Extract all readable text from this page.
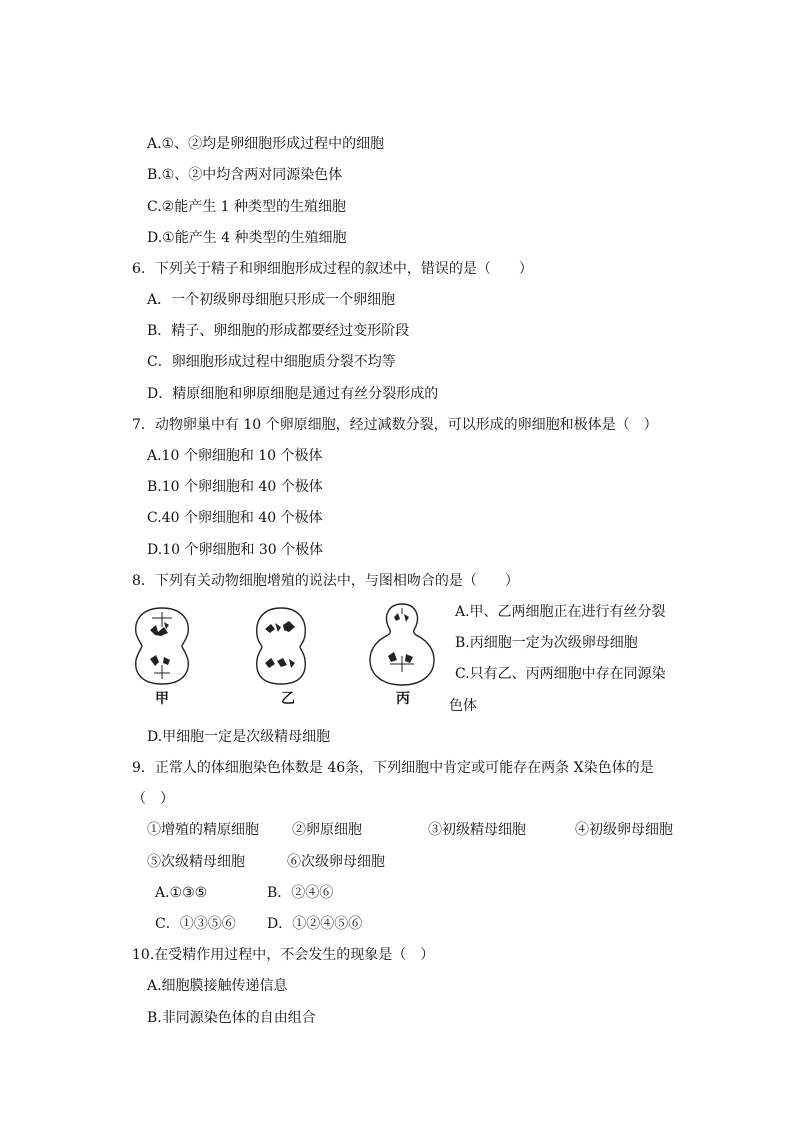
A.①、②均是卵细胞形成过程中的细胞
B.①、②中均含两对同源染色体
C.②能产生 1 种类型的生殖细胞
D.①能产生 4 种类型的生殖细胞
6．下列关于精子和卵细胞形成过程的叙述中，错误的是（　　）
A．一个初级卵母细胞只形成一个卵细胞
B．精子、卵细胞的形成都要经过变形阶段
C．卵细胞形成过程中细胞质分裂不均等
D．精原细胞和卵原细胞是通过有丝分裂形成的
7．动物卵巢中有 10 个卵原细胞，经过减数分裂，可以形成的卵细胞和极体是（　）
A.10 个卵细胞和 10 个极体
B.10 个卵细胞和 40 个极体
C.40 个卵细胞和 40 个极体
D.10 个卵细胞和 30 个极体
8．下列有关动物细胞增殖的说法中，与图相吻合的是（　　）
甲	乙	丙
A.甲、乙两细胞正在进行有丝分裂
B.丙细胞一定为次级卵母细胞
C.只有乙、丙两细胞中存在同源染
色体
D.甲细胞一定是次级精母细胞
9．正常人的体细胞染色体数是 46条，下列细胞中肯定或可能存在两条 X染色体的是
（　）
①增殖的精原细胞 ②卵原细胞	③初级精母细胞	④初级卵母细胞
⑤次级精母细胞	⑥次级卵母细胞
A.①③⑤	B．②④⑥
C．①③⑤⑥ D．①②④⑤⑥
10.在受精作用过程中，不会发生的现象是（　）
A.细胞膜接触传递信息
B.非同源染色体的自由组合
